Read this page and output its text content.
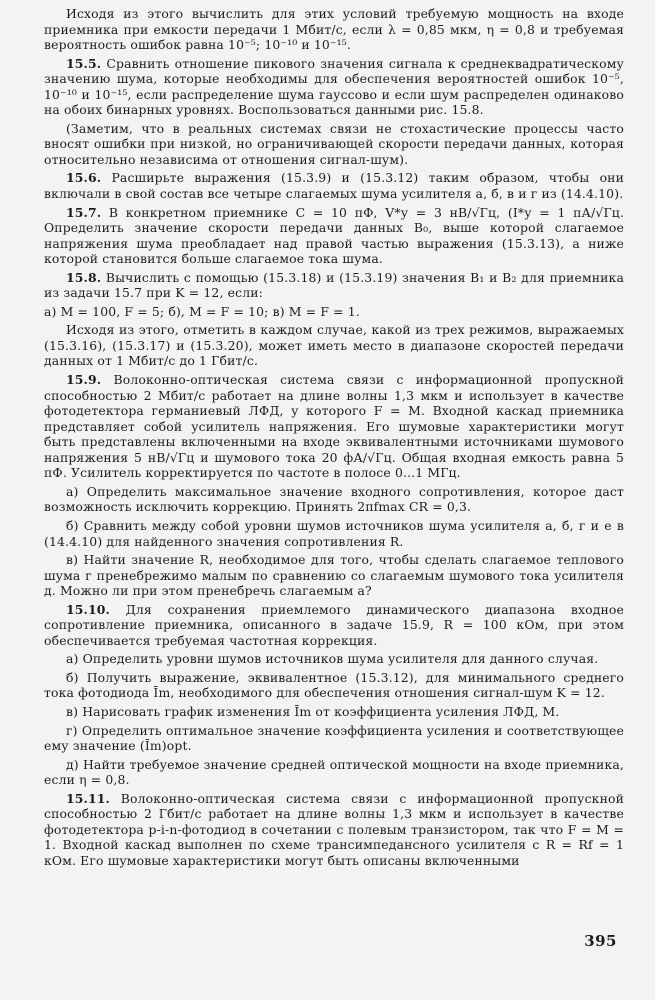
Исходя из этого вычислить для этих условий требуемую мощность на входе приемника при емкости передачи 1 Мбит/с, если λ = 0,85 мкм, η = 0,8 и требуемая вероятность ошибок равна 10⁻⁵; 10⁻¹⁰ и 10⁻¹⁵.

15.5. Сравнить отношение пикового значения сигнала к среднеквадратическому значению шума, которые необходимы для обеспечения вероятностей ошибок 10⁻⁵, 10⁻¹⁰ и 10⁻¹⁵, если распределение шума гауссово и если шум распределен одинаково на обоих бинарных уровнях. Воспользоваться данными рис. 15.8.

(Заметим, что в реальных системах связи не стохастические процессы часто вносят ошибки при низкой, но ограничивающей скорости передачи данных, которая относительно независима от отношения сигнал-шум).

15.6. Расширьте выражения (15.3.9) и (15.3.12) таким образом, чтобы они включали в свой состав все четыре слагаемых шума усилителя а, б, в и г из (14.4.10).

15.7. В конкретном приемнике C = 10 пФ, V*у = 3 нВ/√Гц, (I*у = 1 пА/√Гц. Определить значение скорости передачи данных B₀, выше которой слагаемое напряжения шума преобладает над правой частью выражения (15.3.13), а ниже которой становится больше слагаемое тока шума.

15.8. Вычислить с помощью (15.3.18) и (15.3.19) значения B₁ и B₂ для приемника из задачи 15.7 при K = 12, если:

а) M = 100, F = 5; б), M = F = 10; в) M = F = 1.

Исходя из этого, отметить в каждом случае, какой из трех режимов, выражаемых (15.3.16), (15.3.17) и (15.3.20), может иметь место в диапазоне скоростей передачи данных от 1 Мбит/с до 1 Гбит/с.

15.9. Волоконно-оптическая система связи с информационной пропускной способностью 2 Мбит/с работает на длине волны 1,3 мкм и использует в качестве фотодетектора германиевый ЛФД, у которого F = M. Входной каскад приемника представляет собой усилитель напряжения. Его шумовые характеристики могут быть представлены включенными на входе эквивалентными источниками шумового напряжения 5 нВ/√Гц и шумового тока 20 фА/√Гц. Общая входная емкость равна 5 пФ. Усилитель корректируется по частоте в полосе 0...1 МГц.

а) Определить максимальное значение входного сопротивления, которое даст возможность исключить коррекцию. Принять 2πfmax CR = 0,3.

б) Сравнить между собой уровни шумов источников шума усилителя а, б, г и е в (14.4.10) для найденного значения сопротивления R.

в) Найти значение R, необходимое для того, чтобы сделать слагаемое теплового шума г пренебрежимо малым по сравнению со слагаемым шумового тока усилителя д. Можно ли при этом пренебречь слагаемым а?

15.10. Для сохранения приемлемого динамического диапазона входное сопротивление приемника, описанного в задаче 15.9, R = 100 кОм, при этом обеспечивается требуемая частотная коррекция.

а) Определить уровни шумов источников шума усилителя для данного случая.

б) Получить выражение, эквивалентное (15.3.12), для минимального среднего тока фотодиода Īm, необходимого для обеспечения отношения сигнал-шум K = 12.

в) Нарисовать график изменения Īm от коэффициента усиления ЛФД, M.

г) Определить оптимальное значение коэффициента усиления и соответствующее ему значение (Īm)opt.

д) Найти требуемое значение средней оптической мощности на входе приемника, если η = 0,8.

15.11. Волоконно-оптическая система связи с информационной пропускной способностью 2 Гбит/с работает на длине волны 1,3 мкм и использует в качестве фотодетектора p-i-n-фотодиод в сочетании с полевым транзистором, так что F = M = 1. Входной каскад выполнен по схеме трансимпедансного усилителя с R = Rf = 1 кОм. Его шумовые характеристики могут быть описаны включенными

395
